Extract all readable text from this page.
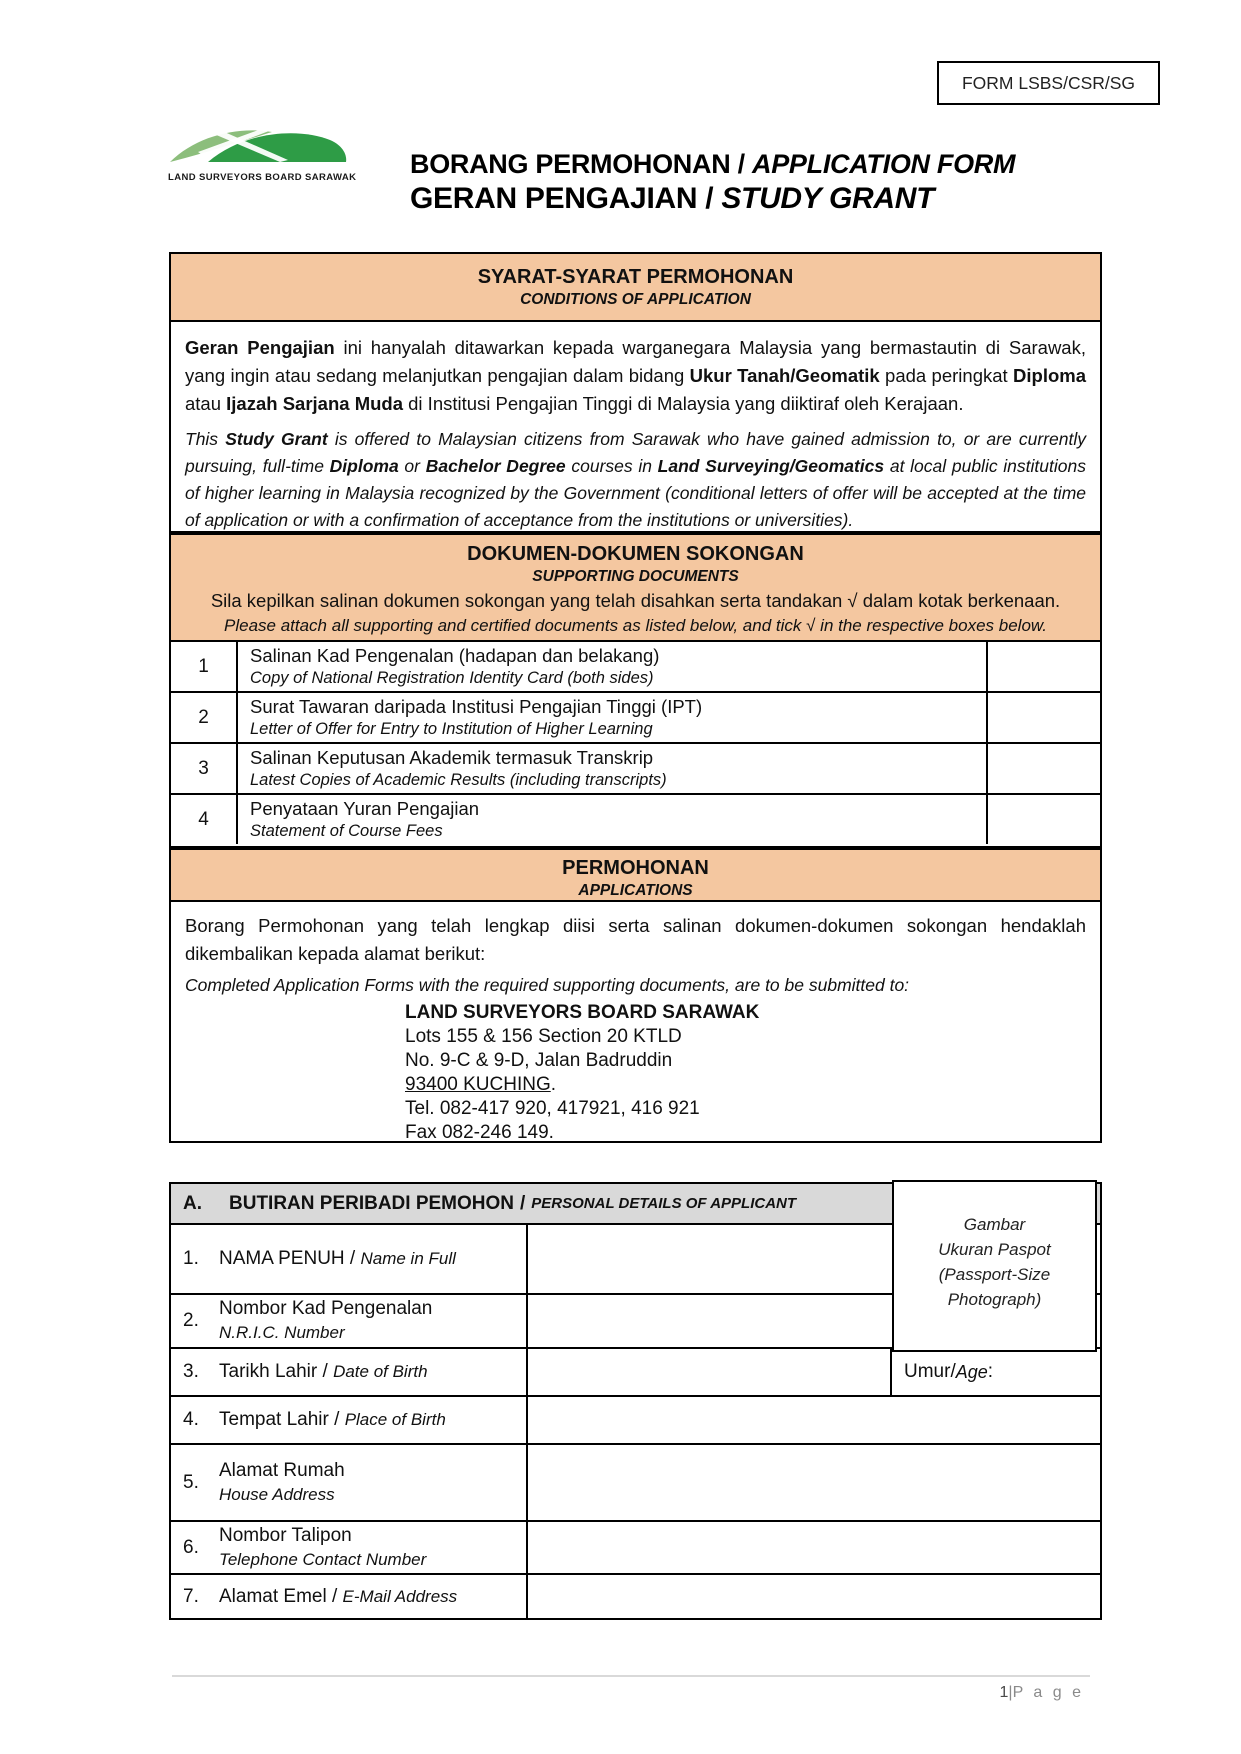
FORM LSBS/CSR/SG
LAND SURVEYORS BOARD SARAWAK BORANG PERMOHONAN / APPLICATION FORM
GERAN PENGAJIAN / STUDY GRANT
SYARAT-SYARAT PERMOHONAN
CONDITIONS OF APPLICATION

Geran Pengajian ini hanyalah ditawarkan kepada warganegara Malaysia yang bermastautin di Sarawak, yang ingin atau sedang melanjutkan pengajian dalam bidang Ukur Tanah/Geomatik pada peringkat Diploma atau Ijazah Sarjana Muda di Institusi Pengajian Tinggi di Malaysia yang diiktiraf oleh Kerajaan.

This Study Grant is offered to Malaysian citizens from Sarawak who have gained admission to, or are currently pursuing, full-time Diploma or Bachelor Degree courses in Land Surveying/Geomatics at local public institutions of higher learning in Malaysia recognized by the Government (conditional letters of offer will be accepted at the time of application or with a confirmation of acceptance from the institutions or universities).

DOKUMEN-DOKUMEN SOKONGAN
SUPPORTING DOCUMENTS
Sila kepilkan salinan dokumen sokongan yang telah disahkan serta tandakan √ dalam kotak berkenaan.
Please attach all supporting and certified documents as listed below, and tick √ in the respective boxes below.
1	Salinan Kad Pengenalan (hadapan dan belakang)
Copy of National Registration Identity Card (both sides)
2	Surat Tawaran daripada Institusi Pengajian Tinggi (IPT)
Letter of Offer for Entry to Institution of Higher Learning
3	Salinan Keputusan Akademik termasuk Transkrip
Latest Copies of Academic Results (including transcripts)
4	Penyataan Yuran Pengajian
Statement of Course Fees
PERMOHONAN
APPLICATIONS

Borang Permohonan yang telah lengkap diisi serta salinan dokumen-dokumen sokongan hendaklah dikembalikan kepada alamat berikut:

Completed Application Forms with the required supporting documents, are to be submitted to:

LAND SURVEYORS BOARD SARAWAK
Lots 155 & 156 Section 20 KTLD
No. 9-C & 9-D, Jalan Badruddin
93400 KUCHING.
Tel. 082-417 920, 417921, 416 921
Fax 082-246 149.
A.	BUTIRAN PERIBADI PEMOHON / PERSONAL DETAILS OF APPLICANT
1.	NAMA PENUH / Name in Full
2.
Nombor Kad Pengenalan
N.R.I.C. Number
3.	Tarikh Lahir / Date of Birth	Umur / Age :
4.	Tempat Lahir / Place of Birth
5.
Alamat Rumah
House Address
6.
Nombor Talipon
Telephone Contact Number
7.	Alamat Emel / E-Mail Address
Gambar
Ukuran Paspot
(Passport-Size
Photograph)
1|P a g e
